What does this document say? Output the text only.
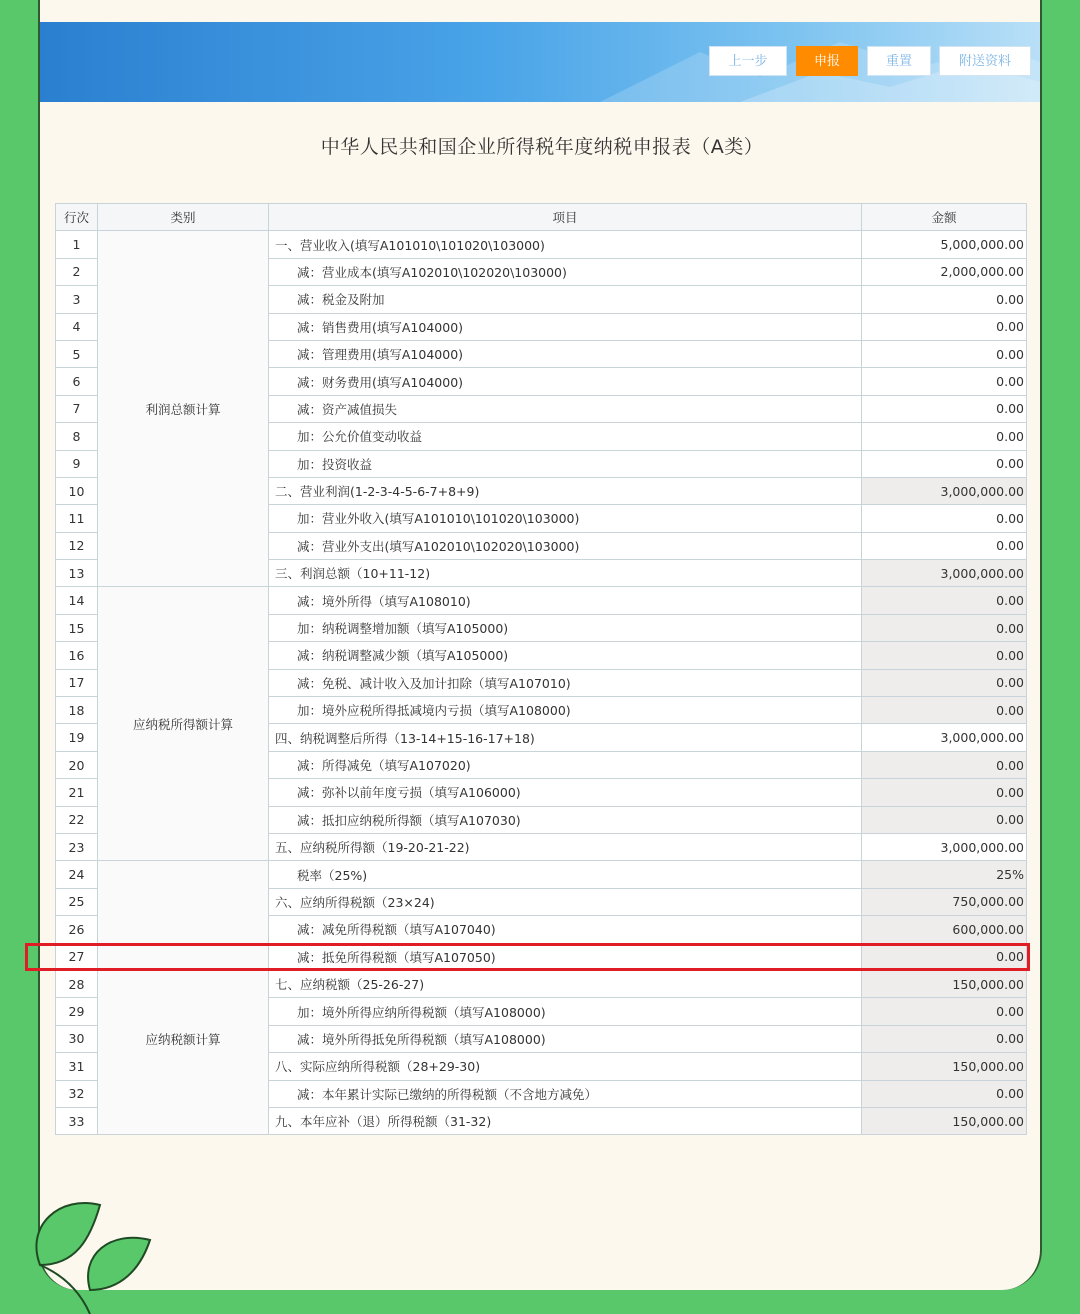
上一步	申报	重置	附送资料
中华人民共和国企业所得税年度纳税申报表（A类）
行次	类别	项目	金额
1	利润总额计算	一、营业收入(填写A101010\101020\103000)	5,000,000.00
2		减：营业成本(填写A102010\102020\103000)	2,000,000.00
3		减：税金及附加	0.00
4		减：销售费用(填写A104000)	0.00
5		减：管理费用(填写A104000)	0.00
6		减：财务费用(填写A104000)	0.00
7		减：资产减值损失	0.00
8		加：公允价值变动收益	0.00
9		加：投资收益	0.00
10		二、营业利润(1-2-3-4-5-6-7+8+9)	3,000,000.00
11		加：营业外收入(填写A101010\101020\103000)	0.00
12		减：营业外支出(填写A102010\102020\103000)	0.00
13		三、利润总额（10+11-12)	3,000,000.00
14	应纳税所得额计算	减：境外所得（填写A108010)	0.00
15		加：纳税调整增加额（填写A105000)	0.00
16		减：纳税调整减少额（填写A105000)	0.00
17		减：免税、减计收入及加计扣除（填写A107010)	0.00
18		加：境外应税所得抵减境内亏损（填写A108000)	0.00
19		四、纳税调整后所得（13-14+15-16-17+18)	3,000,000.00
20		减：所得减免（填写A107020)	0.00
21		减：弥补以前年度亏损（填写A106000)	0.00
22		减：抵扣应纳税所得额（填写A107030)	0.00
23		五、应纳税所得额（19-20-21-22)	3,000,000.00
24		税率（25%)	25%
25		六、应纳所得税额（23×24)	750,000.00
26		减：减免所得税额（填写A107040)	600,000.00
27	应纳税额计算	减：抵免所得税额（填写A107050)	0.00
28		七、应纳税额（25-26-27)	150,000.00
29		加：境外所得应纳所得税额（填写A108000)	0.00
30		减：境外所得抵免所得税额（填写A108000)	0.00
31		八、实际应纳所得税额（28+29-30)	150,000.00
32		减：本年累计实际已缴纳的所得税额（不含地方减免）	0.00
33		九、本年应补（退）所得税额（31-32)	150,000.00
